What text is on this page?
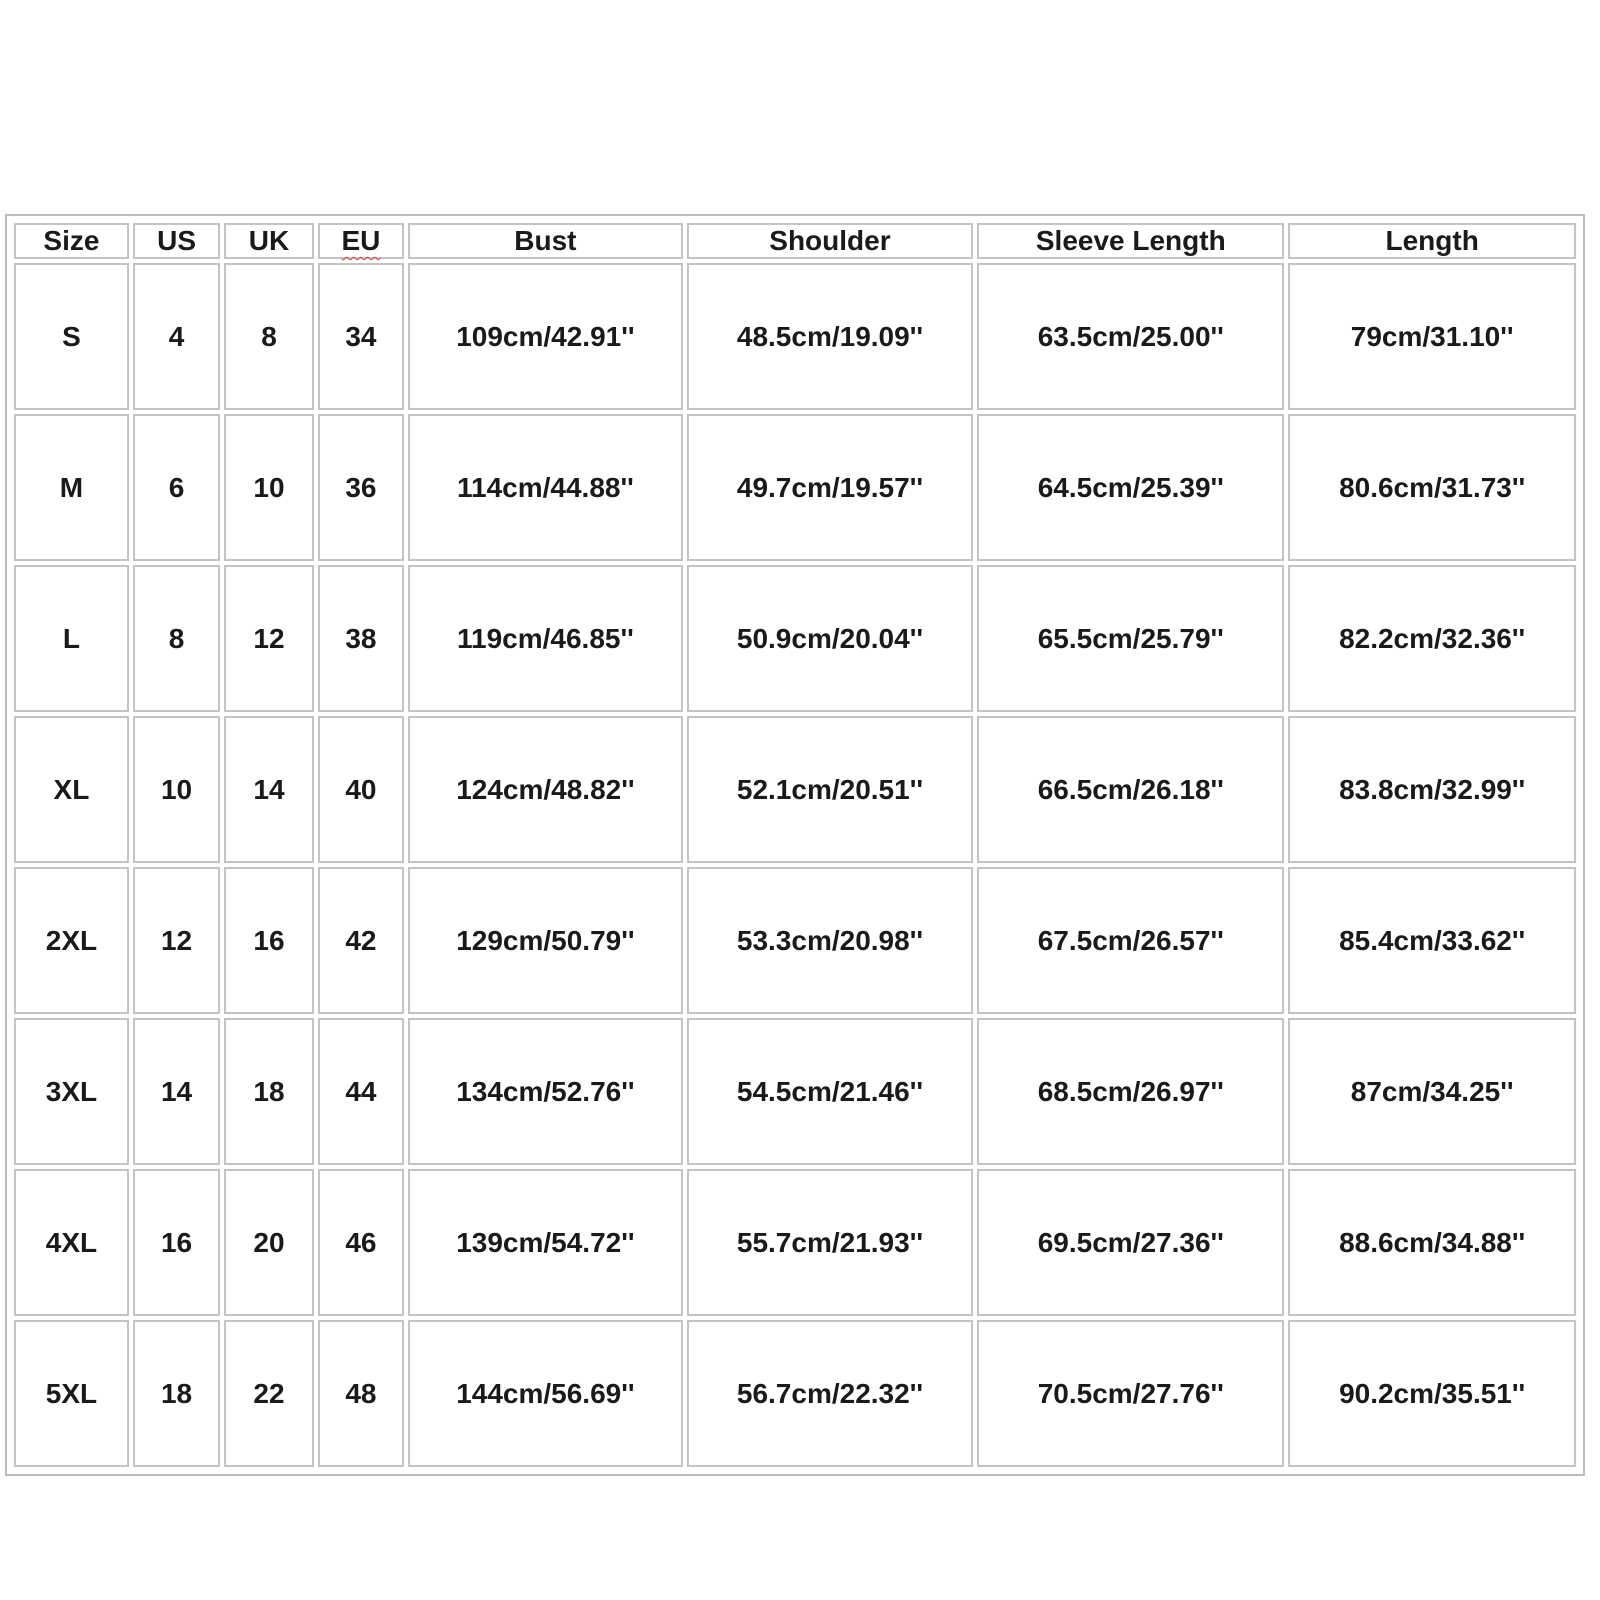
Size	US	UK	EU	Bust	Shoulder	Sleeve Length	Length
S	4	8	34	109cm/42.91''	48.5cm/19.09''	63.5cm/25.00''	79cm/31.10''
M	6	10	36	114cm/44.88''	49.7cm/19.57''	64.5cm/25.39''	80.6cm/31.73''
L	8	12	38	119cm/46.85''	50.9cm/20.04''	65.5cm/25.79''	82.2cm/32.36''
XL	10	14	40	124cm/48.82''	52.1cm/20.51''	66.5cm/26.18''	83.8cm/32.99''
2XL	12	16	42	129cm/50.79''	53.3cm/20.98''	67.5cm/26.57''	85.4cm/33.62''
3XL	14	18	44	134cm/52.76''	54.5cm/21.46''	68.5cm/26.97''	87cm/34.25''
4XL	16	20	46	139cm/54.72''	55.7cm/21.93''	69.5cm/27.36''	88.6cm/34.88''
5XL	18	22	48	144cm/56.69''	56.7cm/22.32''	70.5cm/27.76''	90.2cm/35.51''
